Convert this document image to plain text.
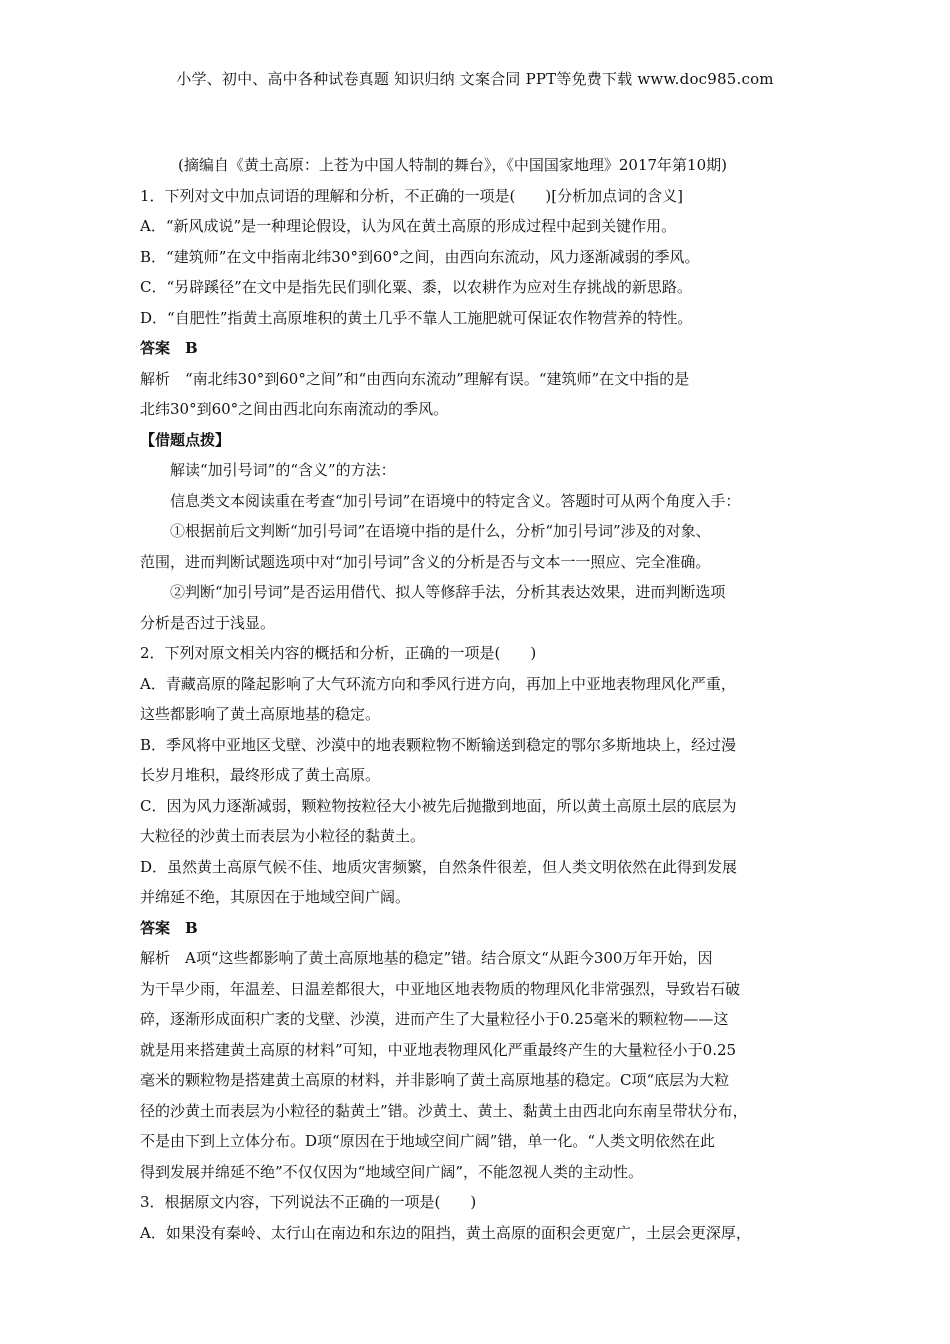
小学、初中、高中各种试卷真题 知识归纳 文案合同 PPT等免费下载 www.doc985.com

(摘编自《黄土高原：上苍为中国人特制的舞台》，《中国国家地理》2017年第10期)

1．下列对文中加点词语的理解和分析，不正确的一项是(　　)[分析加点词的含义]

A．“新风成说”是一种理论假设，认为风在黄土高原的形成过程中起到关键作用。

B．“建筑师”在文中指南北纬30°到60°之间，由西向东流动，风力逐渐减弱的季风。

C．“另辟蹊径”在文中是指先民们驯化粟、黍，以农耕作为应对生存挑战的新思路。

D．“自肥性”指黄土高原堆积的黄土几乎不靠人工施肥就可保证农作物营养的特性。

答案　B

解析　“南北纬30°到60°之间”和“由西向东流动”理解有误。“建筑师”在文中指的是

北纬30°到60°之间由西北向东南流动的季风。

【借题点拨】

解读“加引号词”的“含义”的方法：

信息类文本阅读重在考查“加引号词”在语境中的特定含义。答题时可从两个角度入手：

①根据前后文判断“加引号词”在语境中指的是什么，分析“加引号词”涉及的对象、

范围，进而判断试题选项中对“加引号词”含义的分析是否与文本一一照应、完全准确。

②判断“加引号词”是否运用借代、拟人等修辞手法，分析其表达效果，进而判断选项

分析是否过于浅显。

2．下列对原文相关内容的概括和分析，正确的一项是(　　)

A．青藏高原的隆起影响了大气环流方向和季风行进方向，再加上中亚地表物理风化严重，

这些都影响了黄土高原地基的稳定。

B．季风将中亚地区戈壁、沙漠中的地表颗粒物不断输送到稳定的鄂尔多斯地块上，经过漫

长岁月堆积，最终形成了黄土高原。

C．因为风力逐渐减弱，颗粒物按粒径大小被先后抛撒到地面，所以黄土高原土层的底层为

大粒径的沙黄土而表层为小粒径的黏黄土。

D．虽然黄土高原气候不佳、地质灾害频繁，自然条件很差，但人类文明依然在此得到发展

并绵延不绝，其原因在于地域空间广阔。

答案　B

解析　A项“这些都影响了黄土高原地基的稳定”错。结合原文“从距今300万年开始，因

为干旱少雨，年温差、日温差都很大，中亚地区地表物质的物理风化非常强烈，导致岩石破

碎，逐渐形成面积广袤的戈壁、沙漠，进而产生了大量粒径小于0.25毫米的颗粒物——这

就是用来搭建黄土高原的材料”可知，中亚地表物理风化严重最终产生的大量粒径小于0.25

毫米的颗粒物是搭建黄土高原的材料，并非影响了黄土高原地基的稳定。C项“底层为大粒

径的沙黄土而表层为小粒径的黏黄土”错。沙黄土、黄土、黏黄土由西北向东南呈带状分布，

不是由下到上立体分布。D项“原因在于地域空间广阔”错，单一化。“人类文明依然在此

得到发展并绵延不绝”不仅仅因为“地域空间广阔”，不能忽视人类的主动性。

3．根据原文内容，下列说法不正确的一项是(　　)

A．如果没有秦岭、太行山在南边和东边的阻挡，黄土高原的面积会更宽广，土层会更深厚，
